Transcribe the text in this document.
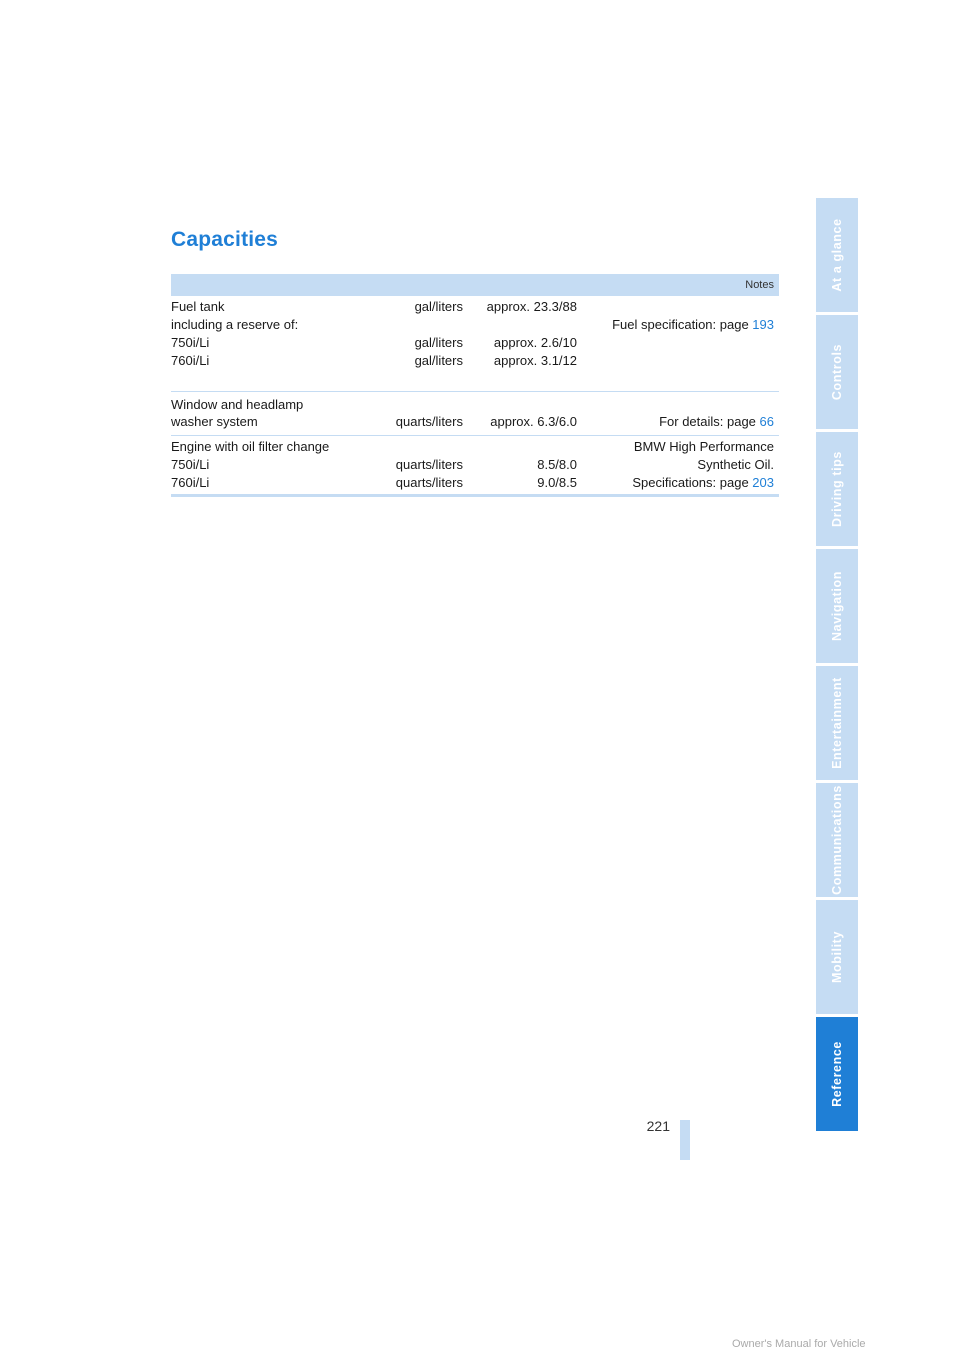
Capacities
Notes
Fuel tank	gal/liters approx. 23.3/88
including a reserve of:	Fuel specification: page 193
750i/Li	gal/liters approx. 2.6/10
760i/Li	gal/liters approx. 3.1/12
Window and headlamp
washer system	quarts/liters approx. 6.3/6.0	For details: page 66
Engine with oil filter change	BMW High Performance
750i/Li	quarts/liters	8.5/8.0	Synthetic Oil.
760i/Li	quarts/liters	9.0/8.5	Specifications: page 203
221
At a glance
Controls
Driving tips
Navigation
Entertainment
Communications
Mobility
Reference
Owner's Manual for Vehicle
